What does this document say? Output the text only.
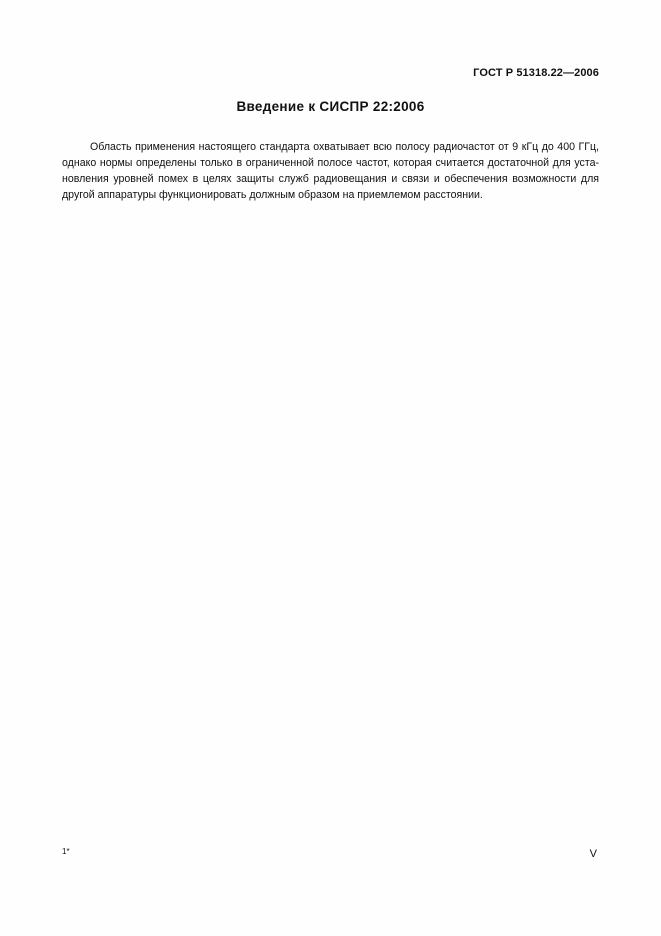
ГОСТ Р 51318.22—2006
Введение к СИСПР 22:2006
Область применения настоящего стандарта охватывает всю полосу радиочастот от 9 кГц до 400 ГГц,
однако нормы определены только в ограниченной полосе частот, которая считается достаточной для уста-
новления уровней помех в целях защиты служб радиовещания и связи и обеспечения возможности для
другой аппаратуры функционировать должным образом на приемлемом расстоянии.
1*	V
